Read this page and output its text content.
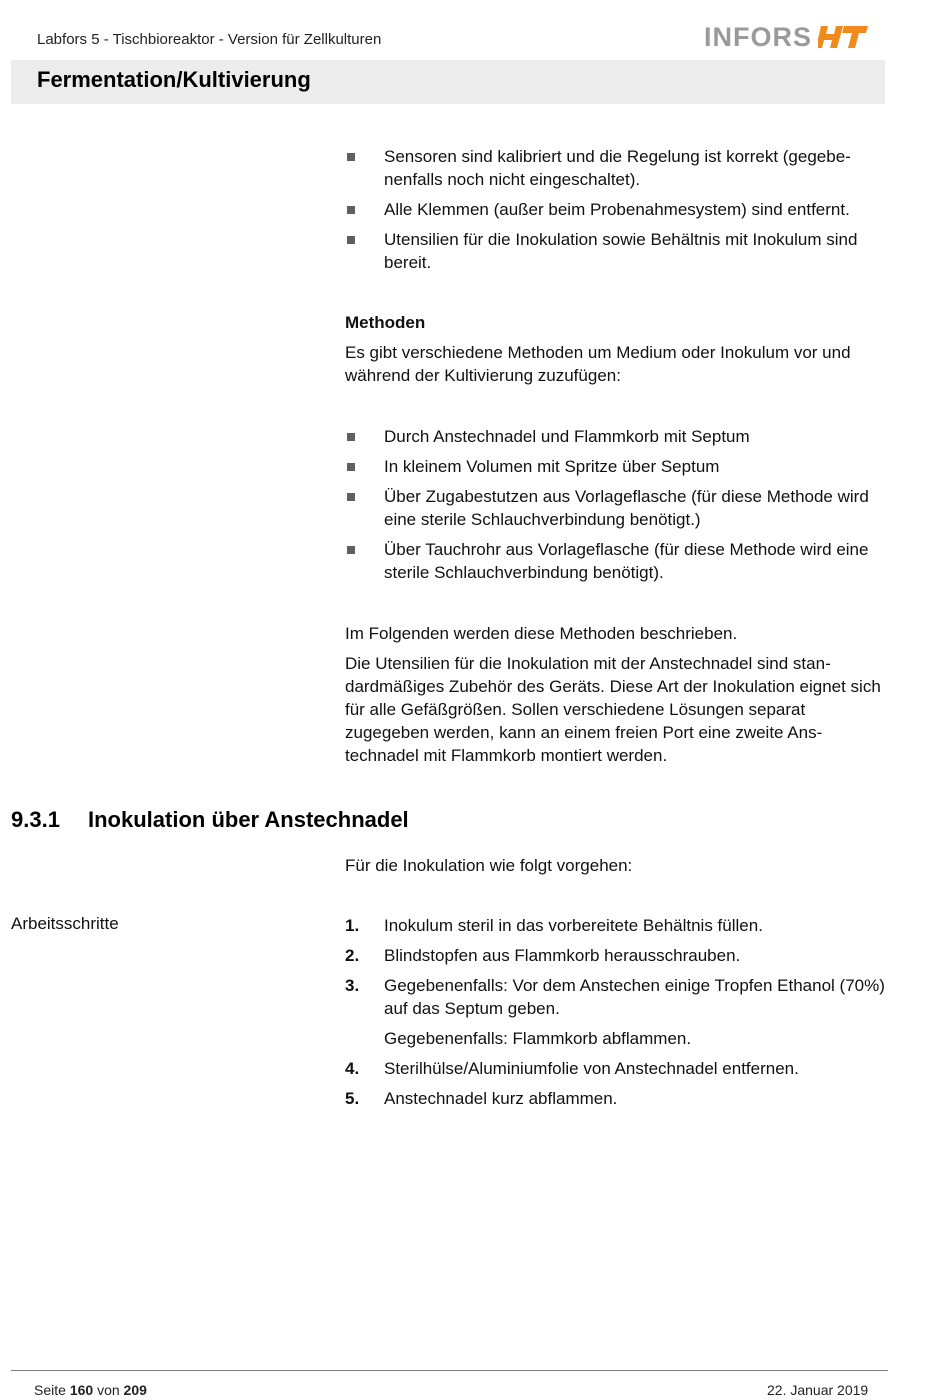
Labfors 5 - Tischbioreaktor - Version für Zellkulturen	INFORS
Fermentation/Kultivierung
Sensoren sind kalibriert und die Regelung ist korrekt (gegebenenfalls noch nicht eingeschaltet).
Alle Klemmen (außer beim Probenahmesystem) sind entfernt.
Utensilien für die Inokulation sowie Behältnis mit Inokulum sind bereit.

Methoden

Es gibt verschiedene Methoden um Medium oder Inokulum vor und während der Kultivierung zuzufügen:

Durch Anstechnadel und Flammkorb mit Septum
In kleinem Volumen mit Spritze über Septum
Über Zugabestutzen aus Vorlageflasche (für diese Methode wird eine sterile Schlauchverbindung benötigt.)
Über Tauchrohr aus Vorlageflasche (für diese Methode wird eine sterile Schlauchverbindung benötigt).

Im Folgenden werden diese Methoden beschrieben.

Die Utensilien für die Inokulation mit der Anstechnadel sind standardmäßiges Zubehör des Geräts. Diese Art der Inokulation eignet sich für alle Gefäßgrößen. Sollen verschiedene Lösungen separat zugegeben werden, kann an einem freien Port eine zweite Anstechnadel mit Flammkorb montiert werden.

9.3.1 Inokulation über Anstechnadel

Für die Inokulation wie folgt vorgehen:

Arbeitsschritte	1. Inokulum steril in das vorbereitete Behältnis füllen.
2. Blindstopfen aus Flammkorb herausschrauben.
3. Gegebenenfalls: Vor dem Anstechen einige Tropfen Ethanol (70%) auf das Septum geben.
Gegebenenfalls: Flammkorb abflammen.
4. Sterilhülse/Aluminiumfolie von Anstechnadel entfernen.
5. Anstechnadel kurz abflammen.
Seite 160 von 209	22. Januar 2019
